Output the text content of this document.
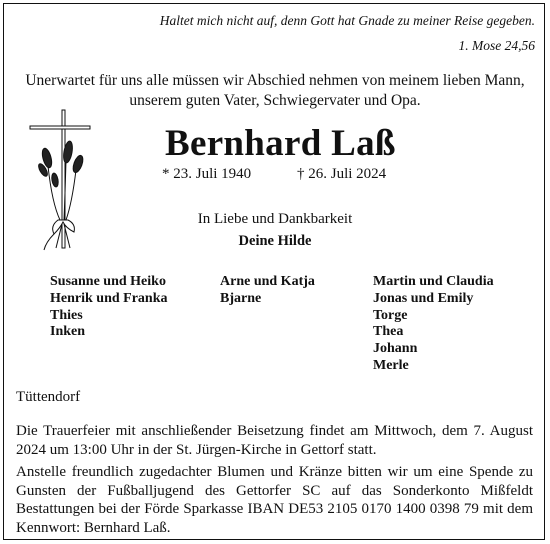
Haltet mich nicht auf, denn Gott hat Gnade zu meiner Reise gegeben.
1. Mose 24,56
Unerwartet für uns alle müssen wir Abschied nehmen von meinem lieben Mann,
unserem guten Vater, Schwiegervater und Opa.
Bernhard Laß
* 23. Juli 1940	† 26. Juli 2024
In Liebe und Dankbarkeit
Deine Hilde
Susanne und Heiko
Henrik und Franka
Thies
Inken
Arne und Katja
Bjarne
Martin und Claudia
Jonas und Emily
Torge
Thea
Johann
Merle
Tüttendorf
Die Trauerfeier mit anschließender Beisetzung findet am Mittwoch, dem 7. August 2024 um 13:00 Uhr in der St. Jürgen-Kirche in Gettorf statt.
Anstelle freundlich zugedachter Blumen und Kränze bitten wir um eine Spende zu Gunsten der Fußballjugend des Gettorfer SC auf das Sonderkonto Mißfeldt Bestattungen bei der Förde Sparkasse IBAN DE53 2105 0170 1400 0398 79 mit dem Kennwort: Bernhard Laß.
